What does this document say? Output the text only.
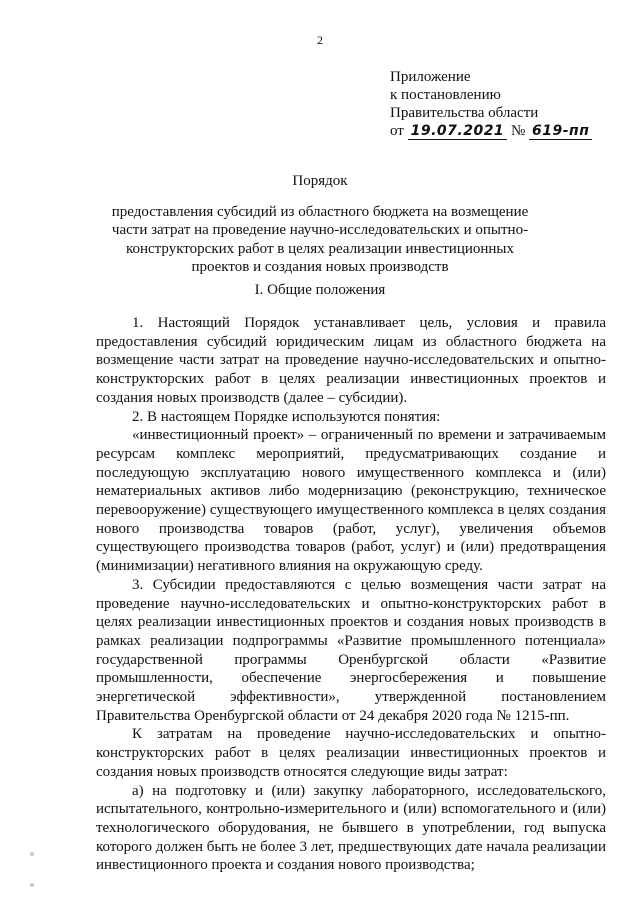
2
Приложение
к постановлению
Правительства области
от 19.07.2021 № 619-пп
Порядок
предоставления субсидий из областного бюджета на возмещение части затрат на проведение научно-исследовательских и опытно-конструкторских работ в целях реализации инвестиционных проектов и создания новых производств
I. Общие положения

1. Настоящий Порядок устанавливает цель, условия и правила предоставления субсидий юридическим лицам из областного бюджета на возмещение части затрат на проведение научно-исследовательских и опытно-конструкторских работ в целях реализации инвестиционных проектов и создания новых производств (далее – субсидии).

2. В настоящем Порядке используются понятия:

«инвестиционный проект» – ограниченный по времени и затрачиваемым ресурсам комплекс мероприятий, предусматривающих создание и последующую эксплуатацию нового имущественного комплекса и (или) нематериальных активов либо модернизацию (реконструкцию, техническое перевооружение) существующего имущественного комплекса в целях создания нового производства товаров (работ, услуг), увеличения объемов существующего производства товаров (работ, услуг) и (или) предотвращения (минимизации) негативного влияния на окружающую среду.

3. Субсидии предоставляются с целью возмещения части затрат на проведение научно-исследовательских и опытно-конструкторских работ в целях реализации инвестиционных проектов и создания новых производств в рамках реализации подпрограммы «Развитие промышленного потенциала» государственной программы Оренбургской области «Развитие промышленности, обеспечение энергосбережения и повышение энергетической эффективности», утвержденной постановлением Правительства Оренбургской области от 24 декабря 2020 года № 1215-пп.

К затратам на проведение научно-исследовательских и опытно-конструкторских работ в целях реализации инвестиционных проектов и создания новых производств относятся следующие виды затрат:

а) на подготовку и (или) закупку лабораторного, исследовательского, испытательного, контрольно-измерительного и (или) вспомогательного и (или) технологического оборудования, не бывшего в употреблении, год выпуска которого должен быть не более 3 лет, предшествующих дате начала реализации инвестиционного проекта и создания нового производства;
